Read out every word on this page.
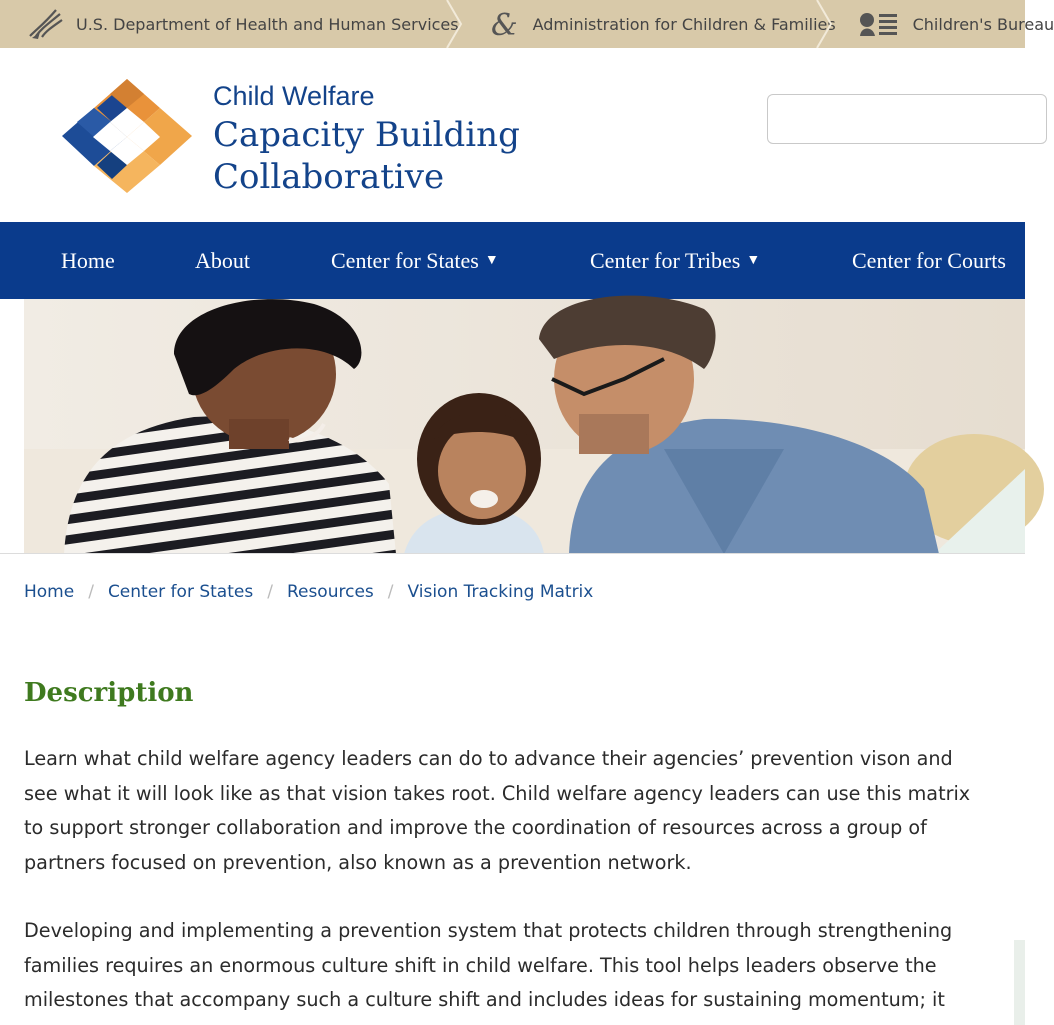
U.S. Department of Health and Human Services & Administration for Children & Families	Children's Bureau
Child Welfare
Capacity Building
Collaborative
Home	About	Center for States ▼	Center for Tribes ▼	Center for Courts
Home / Center for States / Resources / Vision Tracking Matrix
Description

Learn what child welfare agency leaders can do to advance their agencies’ prevention vison and see what it will look like as that vision takes root. Child welfare agency leaders can use this matrix to support stronger collaboration and improve the coordination of resources across a group of partners focused on prevention, also known as a prevention network.

Developing and implementing a prevention system that protects children through strengthening families requires an enormous culture shift in child welfare. This tool helps leaders observe the milestones that accompany such a culture shift and includes ideas for sustaining momentum; it
